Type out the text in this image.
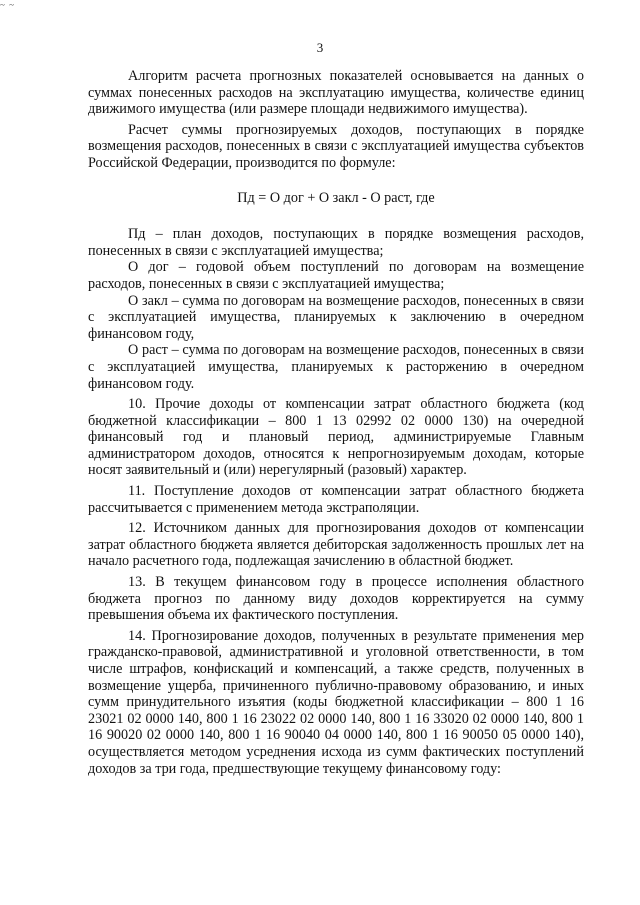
~ ~
3

Алгоритм расчета прогнозных показателей основывается на данных о суммах понесенных расходов на эксплуатацию имущества, количестве единиц движимого имущества (или размере площади недвижимого имущества).

Расчет суммы прогнозируемых доходов, поступающих в порядке возмещения расходов, понесенных в связи с эксплуатацией имущества субъектов Российской Федерации, производится по формуле:

Пд = О дог + О закл - О раст, где

Пд – план доходов, поступающих в порядке возмещения расходов, понесенных в связи с эксплуатацией имущества;

О дог – годовой объем поступлений по договорам на возмещение расходов, понесенных в связи с эксплуатацией имущества;

О закл – сумма по договорам на возмещение расходов, понесенных в связи с эксплуатацией имущества, планируемых к заключению в очередном финансовом году,

О раст – сумма по договорам на возмещение расходов, понесенных в связи с эксплуатацией имущества, планируемых к расторжению в очередном финансовом году.

10. Прочие доходы от компенсации затрат областного бюджета (код бюджетной классификации – 800 1 13 02992 02 0000 130) на очередной финансовый год и плановый период, администрируемые Главным администратором доходов, относятся к непрогнозируемым доходам, которые носят заявительный и (или) нерегулярный (разовый) характер.

11. Поступление доходов от компенсации затрат областного бюджета рассчитывается с применением метода экстраполяции.

12. Источником данных для прогнозирования доходов от компенсации затрат областного бюджета является дебиторская задолженность прошлых лет на начало расчетного года, подлежащая зачислению в областной бюджет.

13. В текущем финансовом году в процессе исполнения областного бюджета прогноз по данному виду доходов корректируется на сумму превышения объема их фактического поступления.

14. Прогнозирование доходов, полученных в результате применения мер гражданско-правовой, административной и уголовной ответственности, в том числе штрафов, конфискаций и компенсаций, а также средств, полученных в возмещение ущерба, причиненного публично-правовому образованию, и иных сумм принудительного изъятия (коды бюджетной классификации – 800 1 16 23021 02 0000 140, 800 1 16 23022 02 0000 140, 800 1 16 33020 02 0000 140, 800 1 16 90020 02 0000 140, 800 1 16 90040 04 0000 140, 800 1 16 90050 05 0000 140), осуществляется методом усреднения исхода из сумм фактических поступлений доходов за три года, предшествующие текущему финансовому году:
